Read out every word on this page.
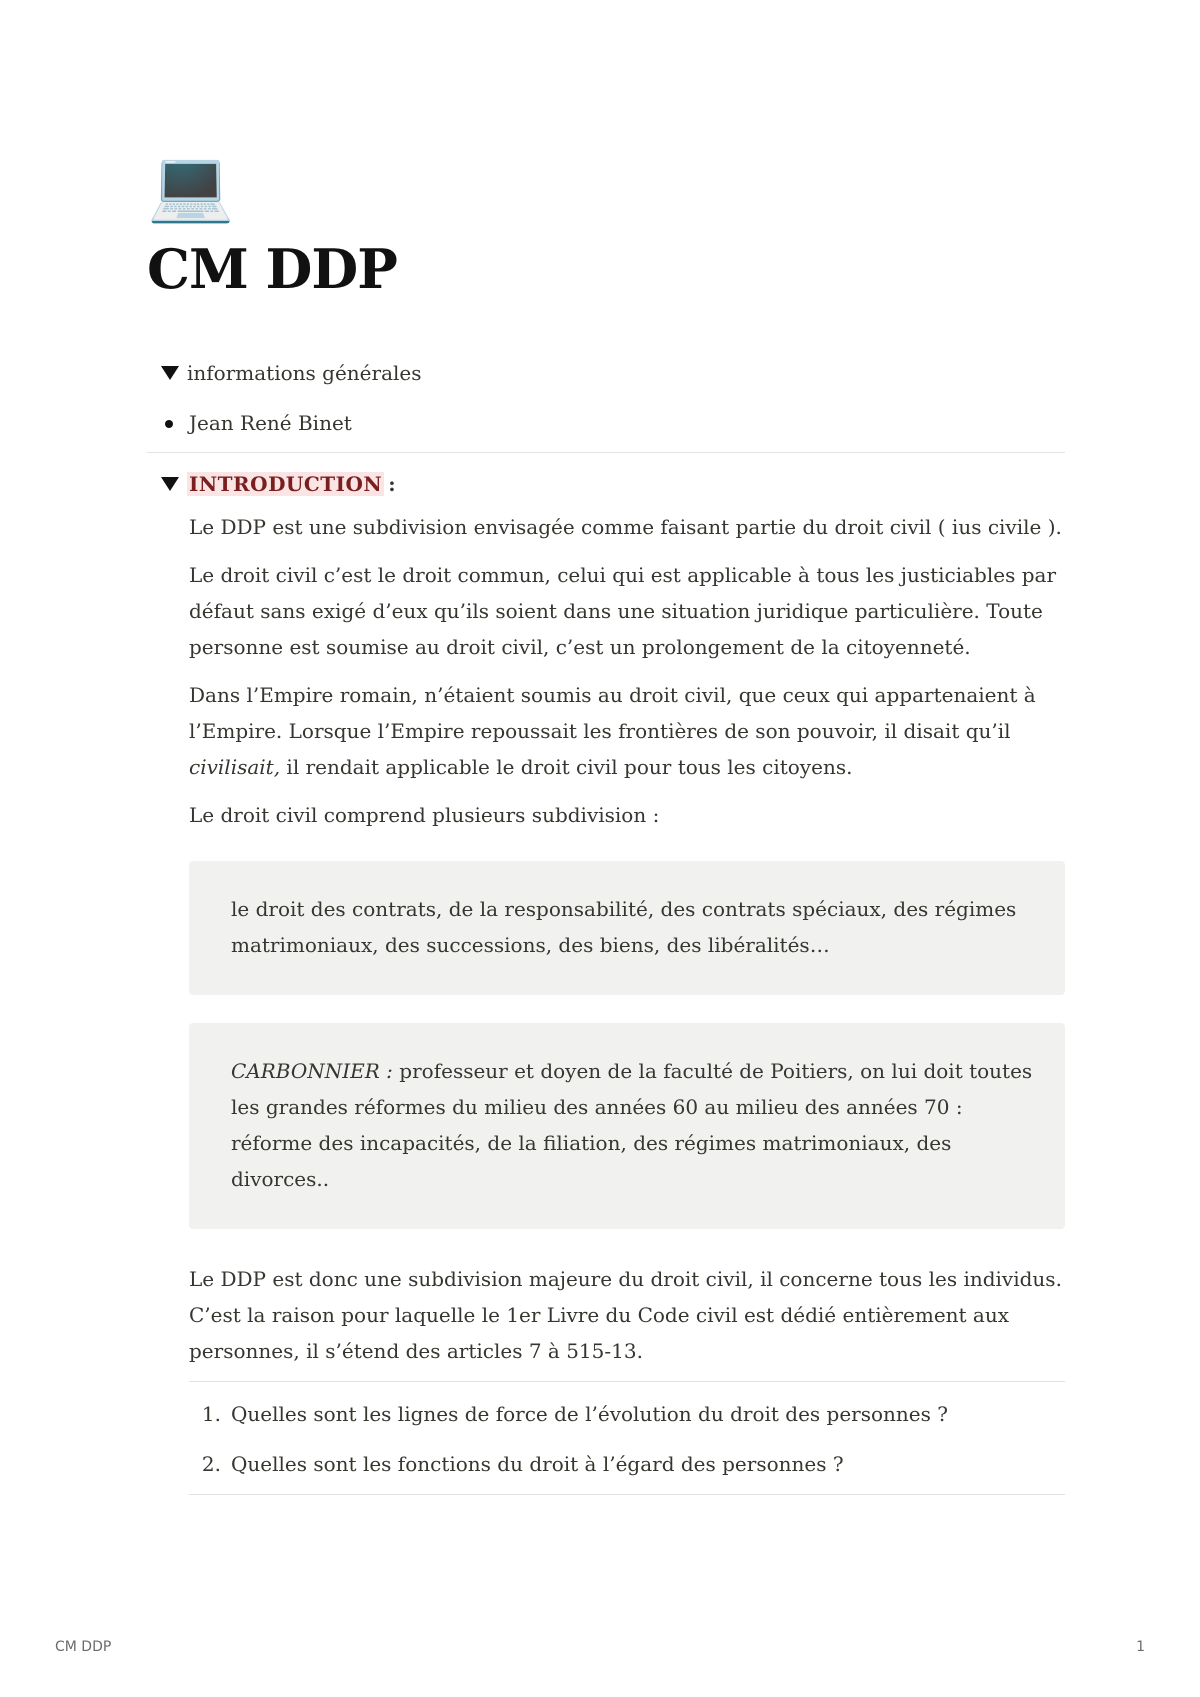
💻
CM DDP
informations générales
Jean René Binet
INTRODUCTION :

Le DDP est une subdivision envisagée comme faisant partie du droit civil ( ius civile ).

Le droit civil c’est le droit commun, celui qui est applicable à tous les justiciables par défaut sans exigé d’eux qu’ils soient dans une situation juridique particulière. Toute personne est soumise au droit civil, c’est un prolongement de la citoyenneté.

Dans l’Empire romain, n’étaient soumis au droit civil, que ceux qui appartenaient à l’Empire. Lorsque l’Empire repoussait les frontières de son pouvoir, il disait qu’il civilisait, il rendait applicable le droit civil pour tous les citoyens.

Le droit civil comprend plusieurs subdivision :

le droit des contrats, de la responsabilité, des contrats spéciaux, des régimes matrimoniaux, des successions, des biens, des libéralités…

CARBONNIER : professeur et doyen de la faculté de Poitiers, on lui doit toutes les grandes réformes du milieu des années 60 au milieu des années 70 : réforme des incapacités, de la filiation, des régimes matrimoniaux, des divorces..

Le DDP est donc une subdivision majeure du droit civil, il concerne tous les individus. C’est la raison pour laquelle le 1er Livre du Code civil est dédié entièrement aux personnes, il s’étend des articles 7 à 515-13.

1. Quelles sont les lignes de force de l’évolution du droit des personnes ?
2. Quelles sont les fonctions du droit à l’égard des personnes ?
CM DDP	1
